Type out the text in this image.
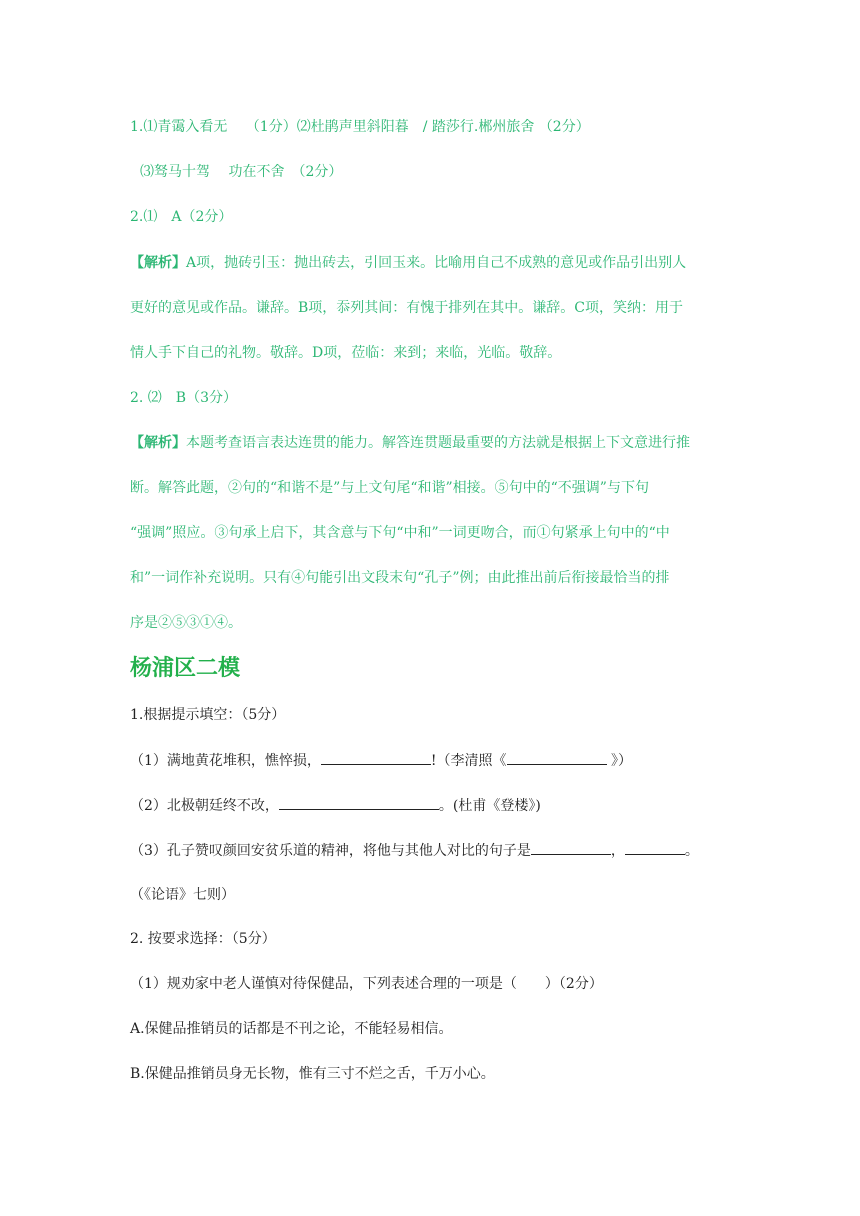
1.⑴青霭入看无　 （1分）⑵杜鹃声里斜阳暮　/ 踏莎行.郴州旅舍 （2分）

⑶驽马十驾　 功在不舍　（2分）

2.⑴　A（2分）

【解析】A项，抛砖引玉：抛出砖去，引回玉来。比喻用自己不成熟的意见或作品引出别人

更好的意见或作品。谦辞。B项，忝列其间：有愧于排列在其中。谦辞。C项，笑纳：用于

情人手下自己的礼物。敬辞。D项，莅临：来到；来临，光临。敬辞。

2. ⑵　B（3分）

【解析】本题考查语言表达连贯的能力。解答连贯题最重要的方法就是根据上下文意进行推

断。解答此题，②句的“和谐不是”与上文句尾“和谐”相接。⑤句中的“不强调”与下句

“强调”照应。③句承上启下，其含意与下句“中和”一词更吻合，而①句紧承上句中的“中

和”一词作补充说明。只有④句能引出文段末句“孔子”例；由此推出前后衔接最恰当的排

序是②⑤③①④。

杨浦区二模

1.根据提示填空：（5分）

（1）满地黄花堆积，憔悴损，	!（李清照《	》）

（2）北极朝廷终不改，	。(杜甫《登楼》)

（3）孔子赞叹颜回安贫乐道的精神，将他与其他人对比的句子是	，	。

（《论语》七则）

2. 按要求选择：（5分）

（1）规劝家中老人谨慎对待保健品，下列表述合理的一项是（　　）（2分）

A.保健品推销员的话都是不刊之论，不能轻易相信。

B.保健品推销员身无长物，惟有三寸不烂之舌，千万小心。
